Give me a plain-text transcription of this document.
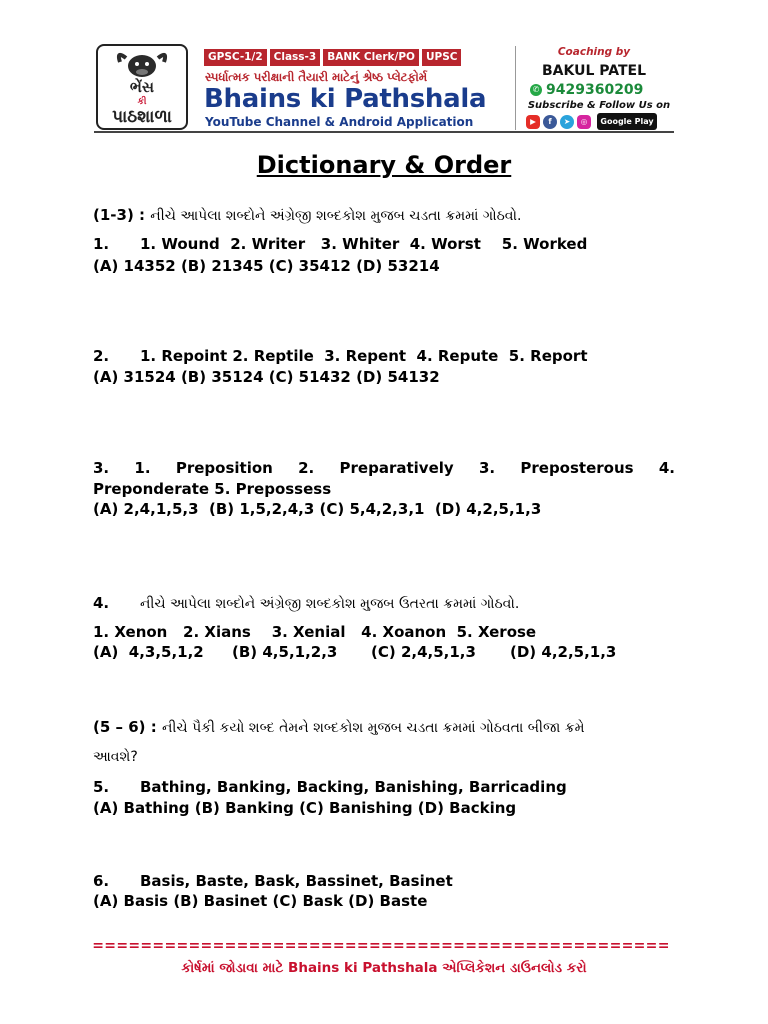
ભેંસ
કી
પાઠશાળા
GPSC-1/2	Class-3	BANK Clerk/PO	UPSC
સ્પર્ધાત્મક પરીક્ષાની તૈયારી માટેનું શ્રેષ્ઠ પ્લેટફોર્મ
Bhains ki Pathshala
YouTube Channel & Android Application
Coaching by
BAKUL PATEL
✆ 9429360209
Subscribe & Follow Us on
▶	f	➤	◎	Google Play
Dictionary & Order
(1-3) : નીચે આપેલા શબ્દોને અંગ્રેજી શબ્દકોશ મુજબ ચડતા ક્રમમાં ગોઠવો.
1. 1. Wound  2. Writer   3. Whiter  4. Worst    5. Worked
(A) 14352 (B) 21345 (C) 35412 (D) 53214
2. 1. Repoint 2. Reptile  3. Repent  4. Repute  5. Report
(A) 31524 (B) 35124 (C) 51432 (D) 54132
3. 1. Preposition 2. Preparatively 3. Preposterous 4.
Preponderate 5. Prepossess
(A) 2,4,1,5,3  (B) 1,5,2,4,3 (C) 5,4,2,3,1  (D) 4,2,5,1,3
4. નીચે આપેલા શબ્દોને અંગ્રેજી શબ્દકોશ મુજબ ઉતરતા ક્રમમાં ગોઠવો.
1. Xenon   2. Xians    3. Xenial   4. Xoanon  5. Xerose
(A)  4,3,5,1,2	(B) 4,5,1,2,3	(C) 2,4,5,1,3	(D) 4,2,5,1,3
(5 – 6) : નીચે પૈકી કયો શબ્દ તેમને શબ્દકોશ મુજબ ચડતા ક્રમમાં ગોઠવતા બીજા ક્રમે
આવશે?
5. Bathing, Banking, Backing, Banishing, Barricading
(A) Bathing (B) Banking (C) Banishing (D) Backing
6. Basis, Baste, Bask, Bassinet, Basinet
(A) Basis (B) Basinet (C) Bask (D) Baste
================================================
કોર્ષમાં જોડાવા માટે Bhains ki Pathshala એપ્લિકેશન ડાઉનલોડ કરો
